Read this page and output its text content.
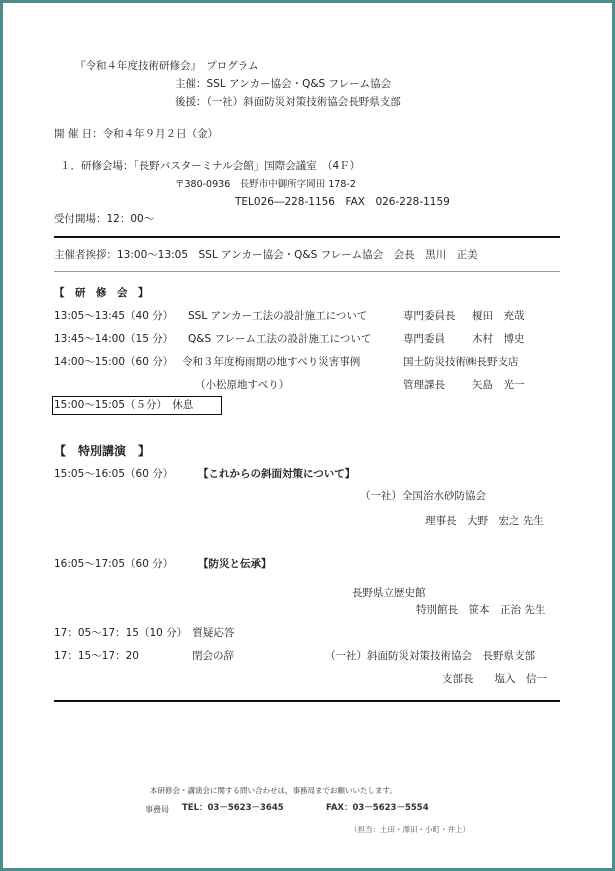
『令和４年度技術研修会』　プログラム
主催：SSL アンカー協会・Q&S フレーム協会
後援：（一社）斜面防災対策技術協会長野県支部
開 催 日：令和４年９月２日（金）
１．研修会場：「長野バスターミナル会館」国際会議室　（4Ｆ）
〒380-0936　長野市中御所字岡田 178-2
TEL026―228-1156　FAX　026-228-1159
受付開場：12：00～
主催者挨拶：13:00～13:05　SSL アンカー協会・Q&S フレーム協会　会長　黒川　正美
【　研　修　会　】
13:05～13:45（40 分） SSL アンカー工法の設計施工について	専門委員長 榎田　充哉
13:45～14:00（15 分） Q&S フレーム工法の設計施工について	専門委員	木村　博史
14:00～15:00（60 分） 令和３年度梅雨期の地すべり災害事例	国土防災技術㈱長野支店
（小松原地すべり）	管理課長	矢島　光一
15:00～15:05（５分）　休息
【　特別講演　】
15:05～16:05（60 分） 【これからの斜面対策について】
（一社）全国治水砂防協会
理事長　大野　宏之 先生
16:05～17:05（60 分） 【防災と伝承】
長野県立歴史館
特別館長　笹本　正治 先生
17：05～17：15（10 分）　質疑応答
17：15～17：20	閉会の辞	（一社）斜面防災対策技術協会　長野県支部
支部長　　塩入　信一
本研修会・講演会に関する問い合わせは，事務局までお願いいたします。
事務局 TEL：03－5623－3645	FAX：03－5623－5554
（担当：土田・澤田・小町・井上）
